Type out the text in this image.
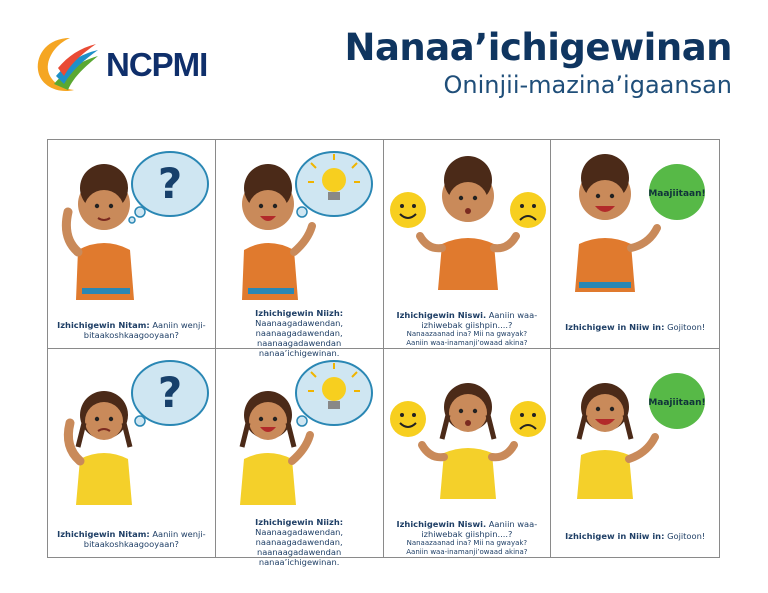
NCPMI	Nanaa’ichigewinan
Oninjii-mazina’igaansan
?
Izhichigewin Nitam: Aaniin wenji-bitaakoshkaagooyaan?
Izhichigewin Niizh: Naanaagadawendan, naanaagadawendan, naanaagadawendan nanaa’ichigewinan.
Izhichigewin Niswi. Aaniin waa-izhiwebak giishpin....?
Nanaazaanad ina? Mii na gwayak?
Aaniin waa-inamanji’owaad akina?
Maajiitaan!
Izhichigew in Niiw in: Gojitoon!
?
Izhichigewin Nitam: Aaniin wenji-bitaakoshkaagooyaan?
Izhichigewin Niizh: Naanaagadawendan, naanaagadawendan, naanaagadawendan nanaa’ichigewinan.
Izhichigewin Niswi. Aaniin waa-izhiwebak giishpin....?
Nanaazaanad ina? Mii na gwayak?
Aaniin waa-inamanji’owaad akina?
Maajiitaan!
Izhichigew in Niiw in: Gojitoon!
